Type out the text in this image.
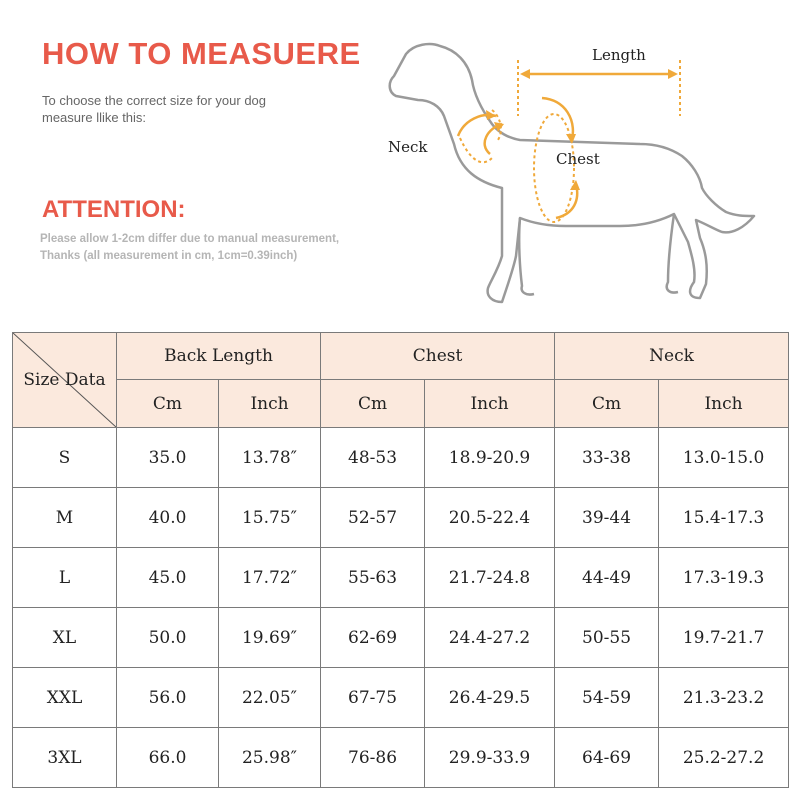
HOW TO MEASUERE
To choose the correct size for your dog
measure llike this:
ATTENTION:
Please allow 1-2cm differ due to manual measurement,
Thanks (all measurement in cm, 1cm=0.39inch)
Length
Neck
Chest
Size Data	Back Length		Chest		Neck	
	Cm	Inch	Cm	Inch	Cm	Inch
S	35.0	13.78″	48-53	18.9-20.9	33-38	13.0-15.0
M	40.0	15.75″	52-57	20.5-22.4	39-44	15.4-17.3
L	45.0	17.72″	55-63	21.7-24.8	44-49	17.3-19.3
XL	50.0	19.69″	62-69	24.4-27.2	50-55	19.7-21.7
XXL	56.0	22.05″	67-75	26.4-29.5	54-59	21.3-23.2
3XL	66.0	25.98″	76-86	29.9-33.9	64-69	25.2-27.2
